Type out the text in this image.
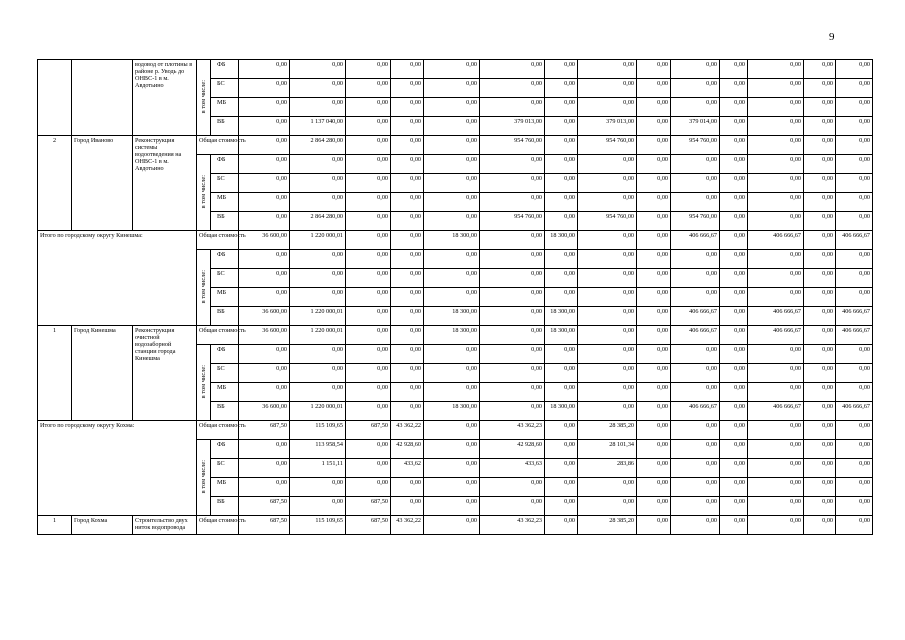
9
		водовод от плотины в районе р. Уводь до ОНВС-1 в м. Авдотьино	в том числе:	ФБ	0,00	0,00	0,00	0,00	0,00	0,00	0,00	0,00	0,00	0,00	0,00	0,00	0,00	0,00
				БС	0,00	0,00	0,00	0,00	0,00	0,00	0,00	0,00	0,00	0,00	0,00	0,00	0,00	0,00
				МБ	0,00	0,00	0,00	0,00	0,00	0,00	0,00	0,00	0,00	0,00	0,00	0,00	0,00	0,00
				ВБ	0,00	1 137 040,00	0,00	0,00	0,00	379 013,00	0,00	379 013,00	0,00	379 014,00	0,00	0,00	0,00	0,00
2	Город Иваново	Реконструкция системы водоотведения на ОНВС-1 в м. Авдотьино	Общая стоимость		0,00	2 864 280,00	0,00	0,00	0,00	954 760,00	0,00	954 760,00	0,00	954 760,00	0,00	0,00	0,00	0,00
			в том числе:	ФБ	0,00	0,00	0,00	0,00	0,00	0,00	0,00	0,00	0,00	0,00	0,00	0,00	0,00	0,00
				БС	0,00	0,00	0,00	0,00	0,00	0,00	0,00	0,00	0,00	0,00	0,00	0,00	0,00	0,00
				МБ	0,00	0,00	0,00	0,00	0,00	0,00	0,00	0,00	0,00	0,00	0,00	0,00	0,00	0,00
				ВБ	0,00	2 864 280,00	0,00	0,00	0,00	954 760,00	0,00	954 760,00	0,00	954 760,00	0,00	0,00	0,00	0,00
Итого по городскому округу Кинешма:			Общая стоимость		36 600,00	1 220 000,01	0,00	0,00	18 300,00	0,00	18 300,00	0,00	0,00	406 666,67	0,00	406 666,67	0,00	406 666,67
			в том числе:	ФБ	0,00	0,00	0,00	0,00	0,00	0,00	0,00	0,00	0,00	0,00	0,00	0,00	0,00	0,00
				БС	0,00	0,00	0,00	0,00	0,00	0,00	0,00	0,00	0,00	0,00	0,00	0,00	0,00	0,00
				МБ	0,00	0,00	0,00	0,00	0,00	0,00	0,00	0,00	0,00	0,00	0,00	0,00	0,00	0,00
				ВБ	36 600,00	1 220 000,01	0,00	0,00	18 300,00	0,00	18 300,00	0,00	0,00	406 666,67	0,00	406 666,67	0,00	406 666,67
1	Город Кинешма	Реконструкция очистной водозаборной станции города Кинешма	Общая стоимость		36 600,00	1 220 000,01	0,00	0,00	18 300,00	0,00	18 300,00	0,00	0,00	406 666,67	0,00	406 666,67	0,00	406 666,67
			в том числе:	ФБ	0,00	0,00	0,00	0,00	0,00	0,00	0,00	0,00	0,00	0,00	0,00	0,00	0,00	0,00
				БС	0,00	0,00	0,00	0,00	0,00	0,00	0,00	0,00	0,00	0,00	0,00	0,00	0,00	0,00
				МБ	0,00	0,00	0,00	0,00	0,00	0,00	0,00	0,00	0,00	0,00	0,00	0,00	0,00	0,00
				ВБ	36 600,00	1 220 000,01	0,00	0,00	18 300,00	0,00	18 300,00	0,00	0,00	406 666,67	0,00	406 666,67	0,00	406 666,67
Итого по городскому округу Кохма:			Общая стоимость		687,50	115 109,65	687,50	43 362,22	0,00	43 362,23	0,00	28 385,20	0,00	0,00	0,00	0,00	0,00	0,00
			в том числе:	ФБ	0,00	113 958,54	0,00	42 928,60	0,00	42 928,60	0,00	28 101,34	0,00	0,00	0,00	0,00	0,00	0,00
				БС	0,00	1 151,11	0,00	433,62	0,00	433,63	0,00	283,86	0,00	0,00	0,00	0,00	0,00	0,00
				МБ	0,00	0,00	0,00	0,00	0,00	0,00	0,00	0,00	0,00	0,00	0,00	0,00	0,00	0,00
				ВБ	687,50	0,00	687,50	0,00	0,00	0,00	0,00	0,00	0,00	0,00	0,00	0,00	0,00	0,00
1	Город Кохма	Строительство двух ниток водопровода	Общая стоимость		687,50	115 109,65	687,50	43 362,22	0,00	43 362,23	0,00	28 385,20	0,00	0,00	0,00	0,00	0,00	0,00
